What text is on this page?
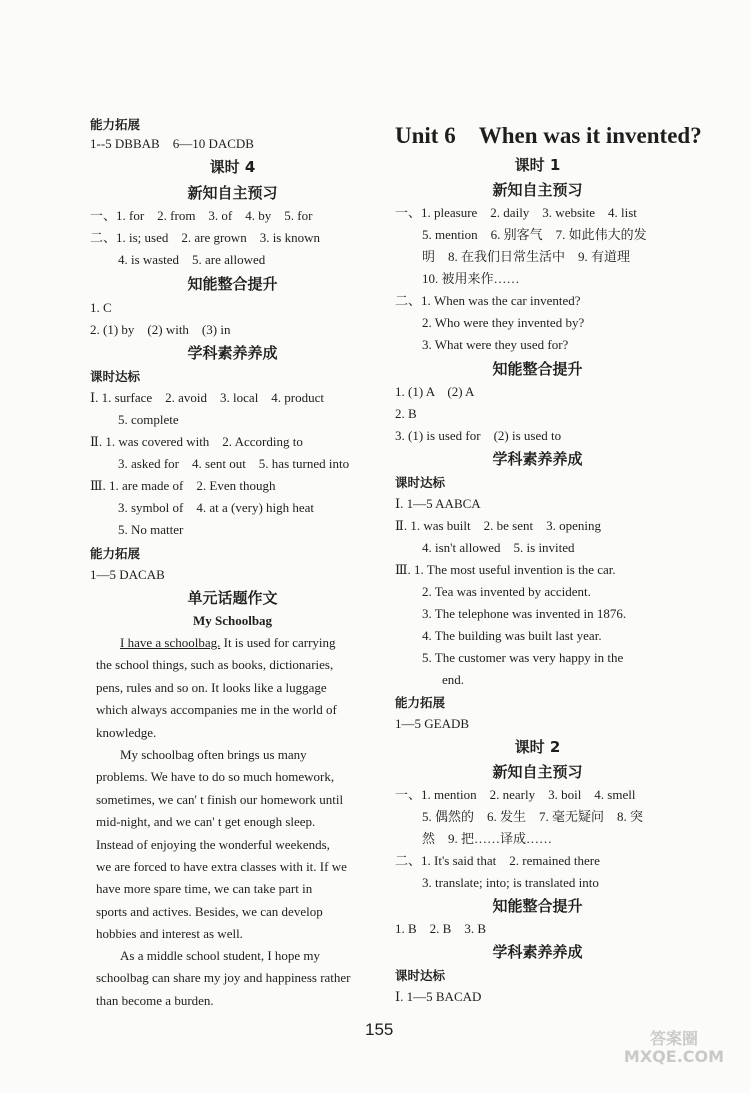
能力拓展
1--5 DBBAB　6—10 DACDB
课时 4
新知自主预习
一、1. for　2. from　3. of　4. by　5. for
二、1. is; used　2. are grown　3. is known
4. is wasted　5. are allowed
知能整合提升
1. C
2. (1) by　(2) with　(3) in
学科素养养成
课时达标
Ⅰ. 1. surface　2. avoid　3. local　4. product
5. complete
Ⅱ. 1. was covered with　2. According to
3. asked for　4. sent out　5. has turned into
Ⅲ. 1. are made of　2. Even though
3. symbol of　4. at a (very) high heat
5. No matter
能力拓展
1—5 DACAB
单元话题作文
My Schoolbag
I have a schoolbag. It is used for carrying
the school things, such as books, dictionaries,
pens, rules and so on. It looks like a luggage
which always accompanies me in the world of
knowledge.
My schoolbag often brings us many
problems. We have to do so much homework,
sometimes, we can' t finish our homework until
mid-night, and we can' t get enough sleep.
Instead of enjoying the wonderful weekends,
we are forced to have extra classes with it. If we
have more spare time, we can take part in
sports and actives. Besides, we can develop
hobbies and interest as well.
As a middle school student, I hope my
schoolbag can share my joy and happiness rather
than become a burden.
Unit 6　When was it invented?
课时 1
新知自主预习
一、1. pleasure　2. daily　3. website　4. list
5. mention　6. 别客气　7. 如此伟大的发
明　8. 在我们日常生活中　9. 有道理
10. 被用来作……
二、1. When was the car invented?
2. Who were they invented by?
3. What were they used for?
知能整合提升
1. (1) A　(2) A
2. B
3. (1) is used for　(2) is used to
学科素养养成
课时达标
Ⅰ. 1—5 AABCA
Ⅱ. 1. was built　2. be sent　3. opening
4. isn't allowed　5. is invited
Ⅲ. 1. The most useful invention is the car.
2. Tea was invented by accident.
3. The telephone was invented in 1876.
4. The building was built last year.
5. The customer was very happy in the
end.
能力拓展
1—5 GEADB
课时 2
新知自主预习
一、1. mention　2. nearly　3. boil　4. smell
5. 偶然的　6. 发生　7. 毫无疑问　8. 突
然　9. 把……译成……
二、1. It's said that　2. remained there
3. translate; into; is translated into
知能整合提升
1. B　2. B　3. B
学科素养养成
课时达标
Ⅰ. 1—5 BACAD
155	答案圈 MXQE.COM
